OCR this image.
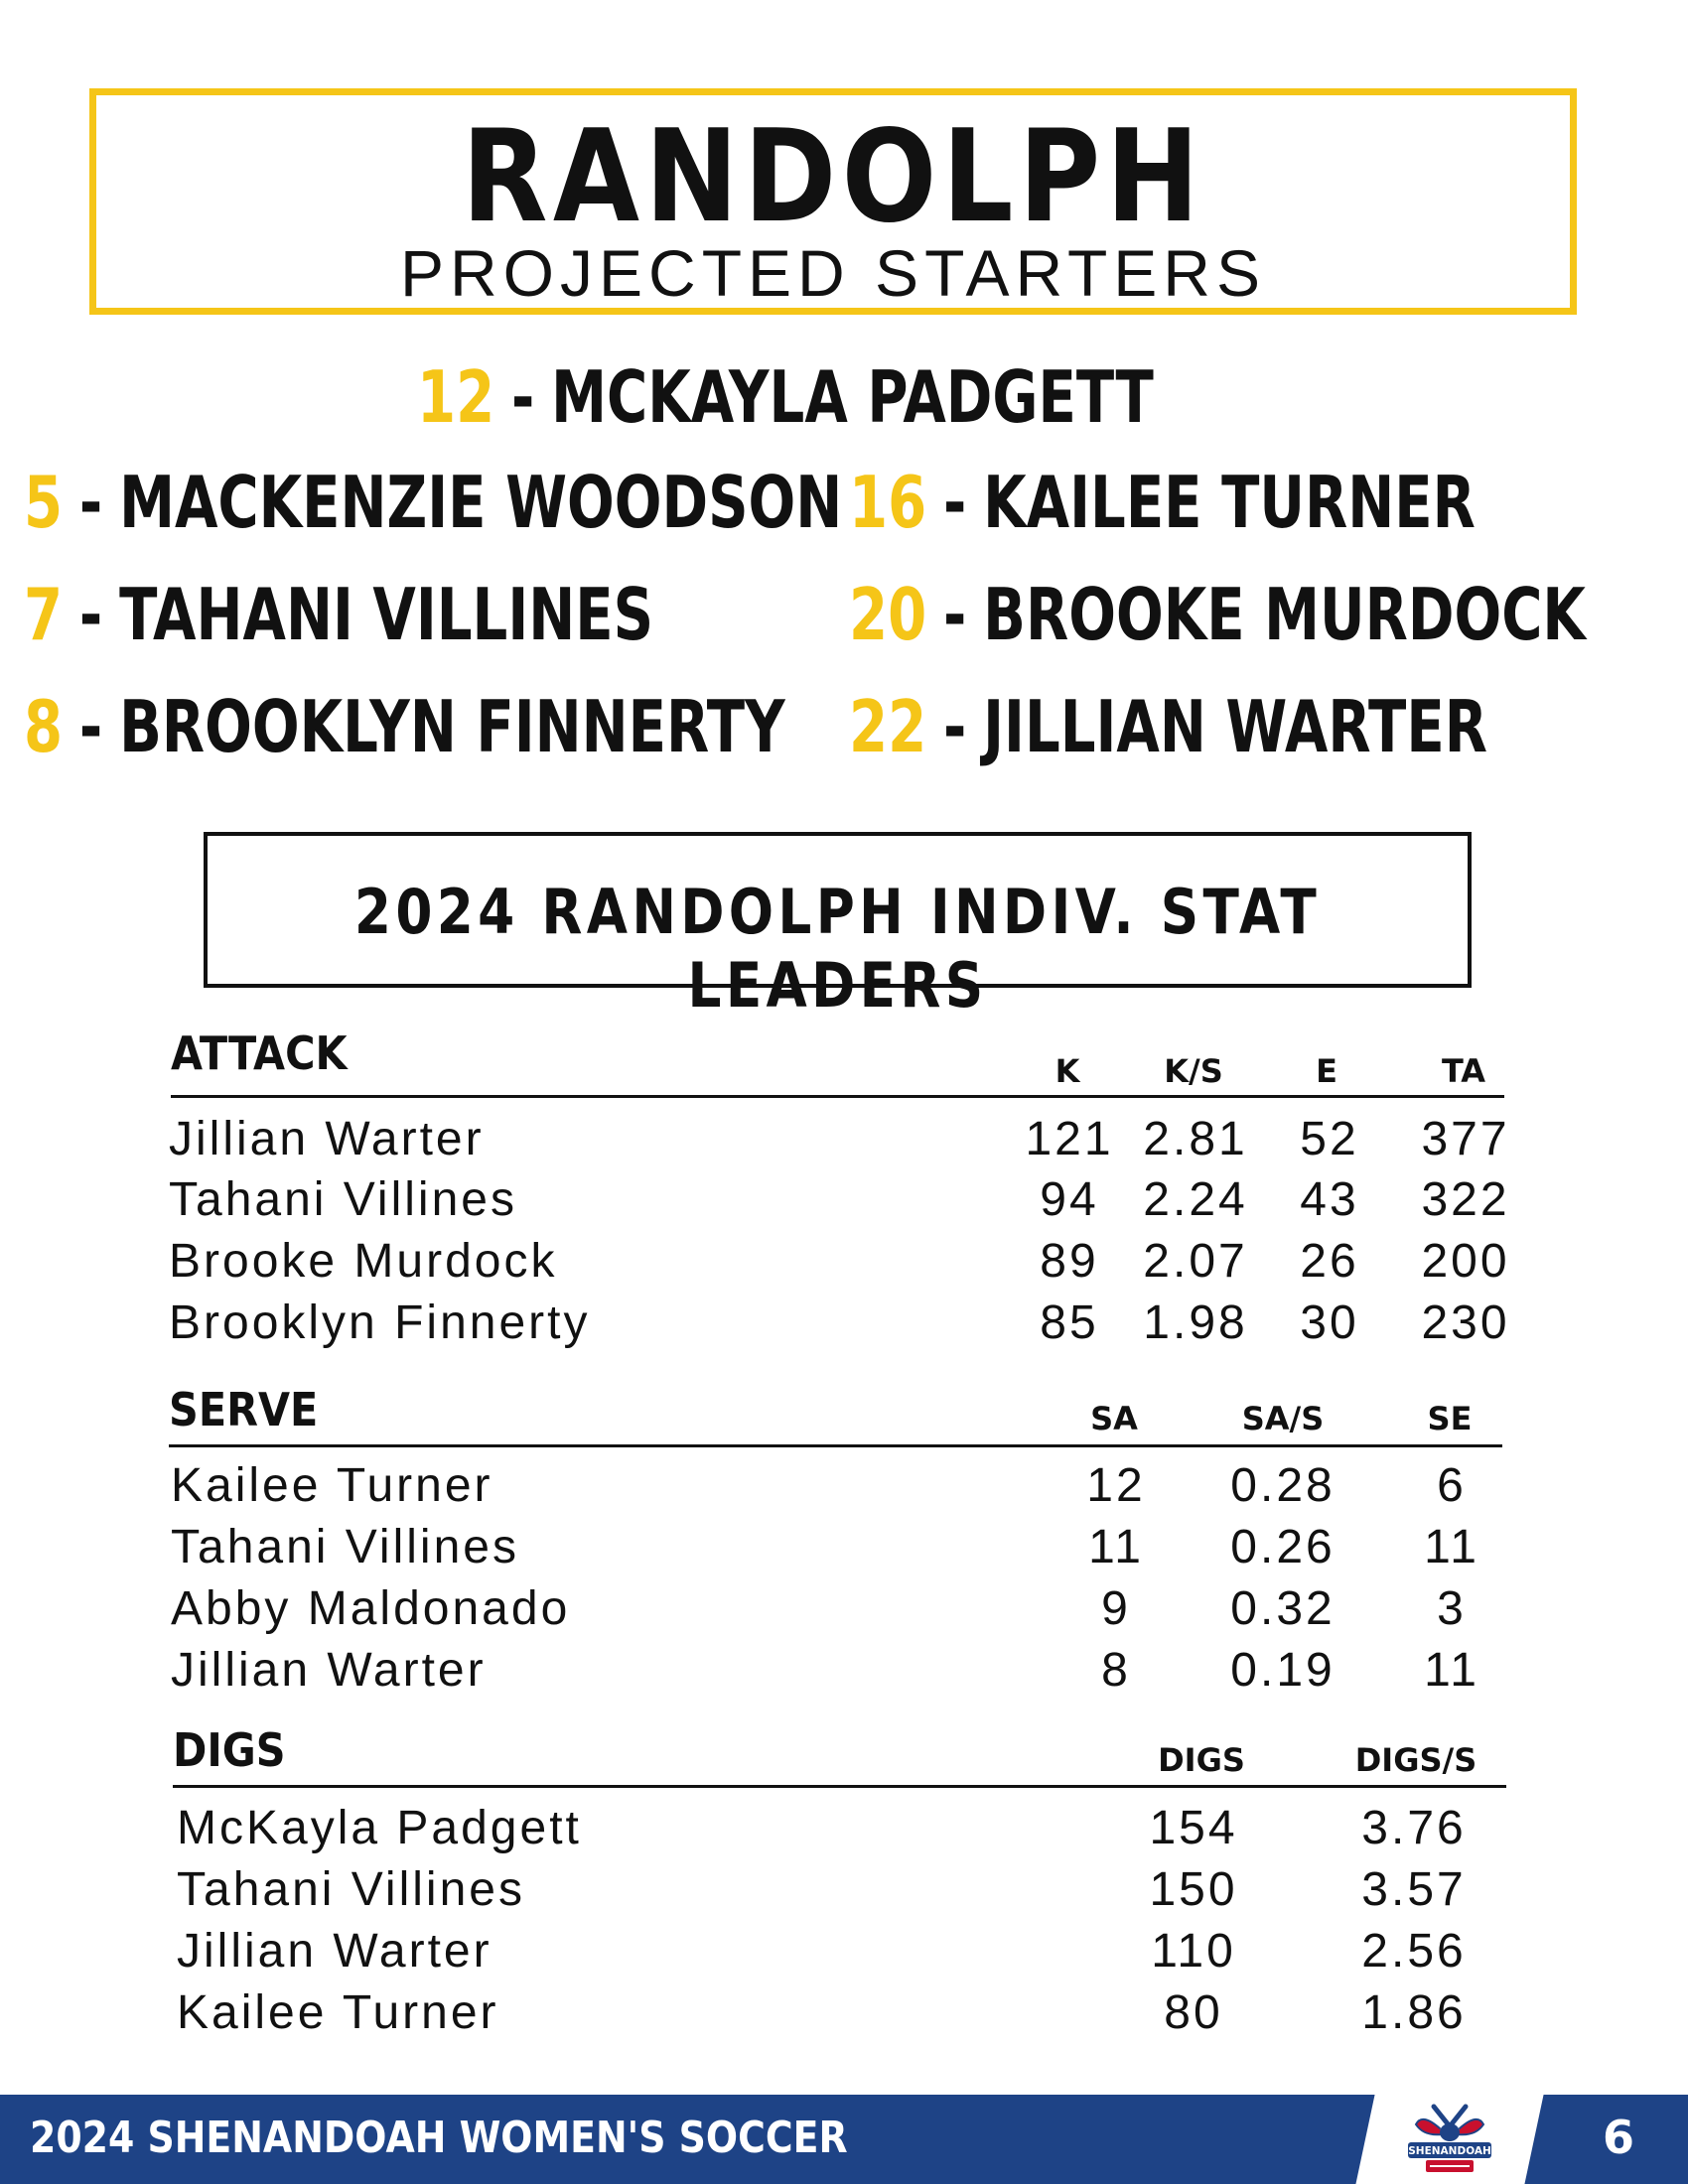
RANDOLPH
PROJECTED STARTERS
12 - MCKAYLA PADGETT
5 - MACKENZIE WOODSON 16 - KAILEE TURNER
7 - TAHANI VILLINES	20 - BROOKE MURDOCK
8 - BROOKLYN FINNERTY 22 - JILLIAN WARTER
2024 RANDOLPH INDIV. STAT LEADERS
ATTACK	K	K/S	E	TA
Jillian Warter	121 2.81 52 377
Tahani Villines	94 2.24 43 322
Brooke Murdock	89 2.07 26 200
Brooklyn Finnerty	85 1.98 30 230
SERVE	SA	SA/S	SE
Kailee Turner	12 0.28 6
Tahani Villines	11 0.26 11
Abby Maldonado	9 0.32 3
Jillian Warter	8 0.19 11
DIGS	DIGS	DIGS/S
McKayla Padgett	154	3.76
Tahani Villines	150	3.57
Jillian Warter	110	2.56
Kailee Turner	80	1.86
SHENANDOAH
2024 SHENANDOAH WOMEN'S SOCCER	6
